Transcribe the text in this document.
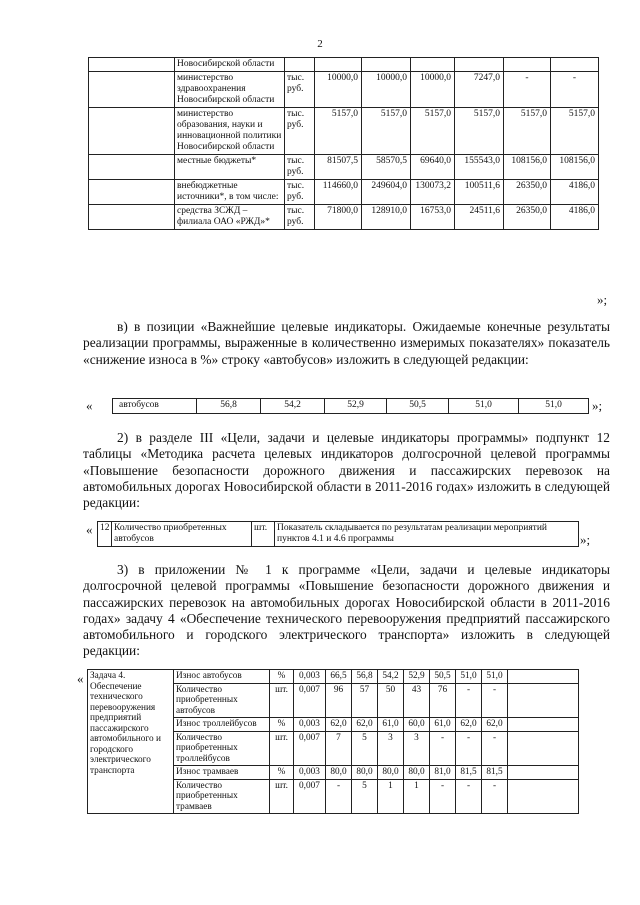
2
	Новосибирской области							
	министерство здравоохранения Новосибирской области	тыс. руб.	10000,0	10000,0	10000,0	7247,0	-	-
	министерство образования, науки и инновационной политики Новосибирской области	тыс. руб.	5157,0	5157,0	5157,0	5157,0	5157,0	5157,0
	местные бюджеты*	тыс. руб.	81507,5	58570,5	69640,0	155543,0	108156,0	108156,0
	внебюджетные источники*, в том числе:	тыс. руб.	114660,0	249604,0	130073,2	100511,6	26350,0	4186,0
	средства ЗСЖД – филиала ОАО «РЖД»*	тыс. руб.	71800,0	128910,0	16753,0	24511,6	26350,0	4186,0
»;

в) в позиции «Важнейшие целевые индикаторы. Ожидаемые конечные результаты реализации программы, выраженные в количественно измеримых показателях» показатель «снижение износа в %» строку «автобусов» изложить в следующей редакции:

«	автобусов	56,8	54,2	52,9	50,5	51,0	51,0 »;

2) в разделе III «Цели, задачи и целевые индикаторы программы» подпункт 12 таблицы «Методика расчета целевых индикаторов долгосрочной целевой программы «Повышение безопасности дорожного движения и пассажирских перевозок на автомобильных дорогах Новосибирской области в 2011-2016 годах» изложить в следующей редакции:

« 12	Количество приобретенных автобусов	шт.	Показатель складывается по результатам реализации мероприятий пунктов 4.1 и 4.6 программы	»;

3) в приложении № 1 к программе «Цели, задачи и целевые индикаторы долгосрочной целевой программы «Повышение безопасности дорожного движения и пассажирских перевозок на автомобильных дорогах Новосибирской области в 2011-2016 годах» задачу 4 «Обеспечение технического перевооружения предприятий пассажирского автомобильного и городского электрического транспорта» изложить в следующей редакции:

« Задача 4. Обеспечение технического перевооружения предприятий пассажирского автомобильного и городского электрического транспорта	Износ автобусов	%	0,003	66,5	56,8	54,2	52,9	50,5	51,0	51,0	
	Количество приобретенных автобусов	шт.	0,007	96	57	50	43	76	-	-	
	Износ троллейбусов	%	0,003	62,0	62,0	61,0	60,0	61,0	62,0	62,0	
	Количество приобретенных троллейбусов	шт.	0,007	7	5	3	3	-	-	-	
	Износ трамваев	%	0,003	80,0	80,0	80,0	80,0	81,0	81,5	81,5	
	Количество приобретенных трамваев	шт.	0,007	-	5	1	1	-	-	-	
